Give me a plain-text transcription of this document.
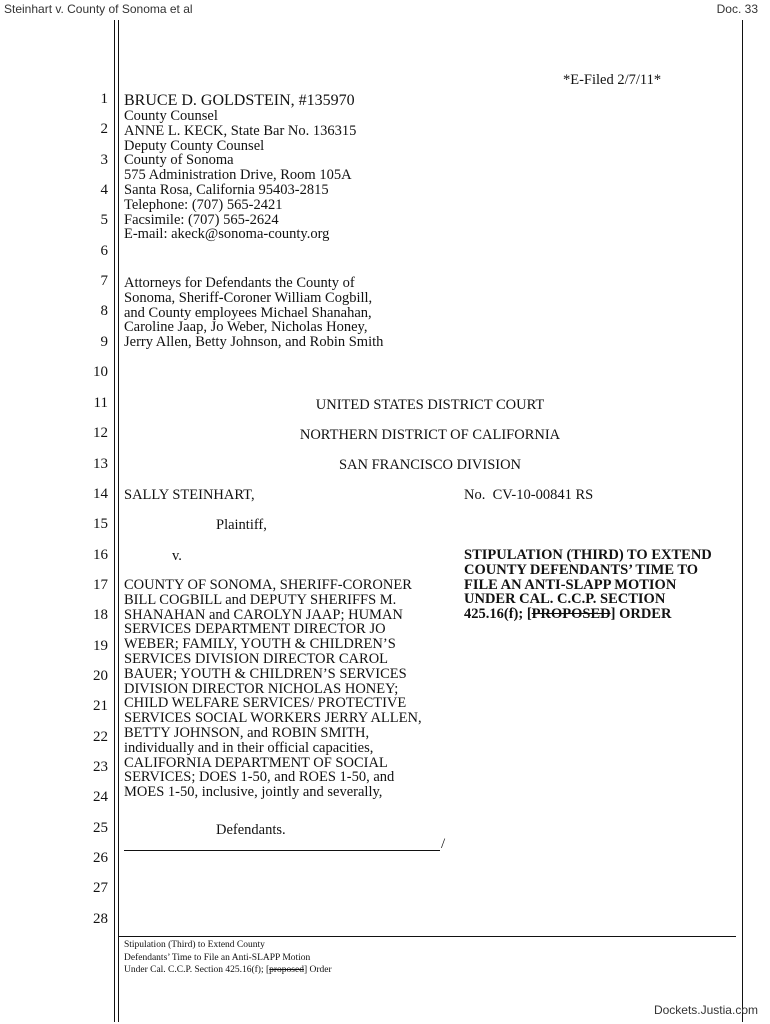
Steinhart v. County of Sonoma et al	Doc. 33
1
2
3
4
5
6
7
8
9
10
11
12
13
14
15
16
17
18
19
20
21
22
23
24
25
26
27
28
*E-Filed 2/7/11*
BRUCE D. GOLDSTEIN, #135970
County Counsel
ANNE L. KECK, State Bar No. 136315
Deputy County Counsel
County of Sonoma
575 Administration Drive, Room 105A
Santa Rosa, California 95403-2815
Telephone: (707) 565-2421
Facsimile: (707) 565-2624
E-mail: akeck@sonoma-county.org
Attorneys for Defendants the County of
Sonoma, Sheriff-Coroner William Cogbill,
and County employees Michael Shanahan,
Caroline Jaap, Jo Weber, Nicholas Honey,
Jerry Allen, Betty Johnson, and Robin Smith
UNITED STATES DISTRICT COURT
NORTHERN DISTRICT OF CALIFORNIA
SAN FRANCISCO DIVISION
SALLY STEINHART,
Plaintiff,
v.
COUNTY OF SONOMA, SHERIFF-CORONER
BILL COGBILL and DEPUTY SHERIFFS M.
SHANAHAN and CAROLYN JAAP; HUMAN
SERVICES DEPARTMENT DIRECTOR JO
WEBER; FAMILY, YOUTH & CHILDREN’S
SERVICES DIVISION DIRECTOR CAROL
BAUER; YOUTH & CHILDREN’S SERVICES
DIVISION DIRECTOR NICHOLAS HONEY;
CHILD WELFARE SERVICES/ PROTECTIVE
SERVICES SOCIAL WORKERS JERRY ALLEN,
BETTY JOHNSON, and ROBIN SMITH,
individually and in their official capacities,
CALIFORNIA DEPARTMENT OF SOCIAL
SERVICES; DOES 1-50, and ROES 1-50, and
MOES 1-50, inclusive, jointly and severally,
Defendants.
/
No.  CV-10-00841 RS
STIPULATION (THIRD) TO EXTEND
COUNTY DEFENDANTS’ TIME TO
FILE AN ANTI-SLAPP MOTION
UNDER CAL. C.C.P. SECTION
425.16(f); [PROPOSED] ORDER
Stipulation (Third) to Extend County
Defendants’ Time to File an Anti-SLAPP Motion
Under Cal. C.C.P. Section 425.16(f); [proposed] Order
Dockets.Justia.com
